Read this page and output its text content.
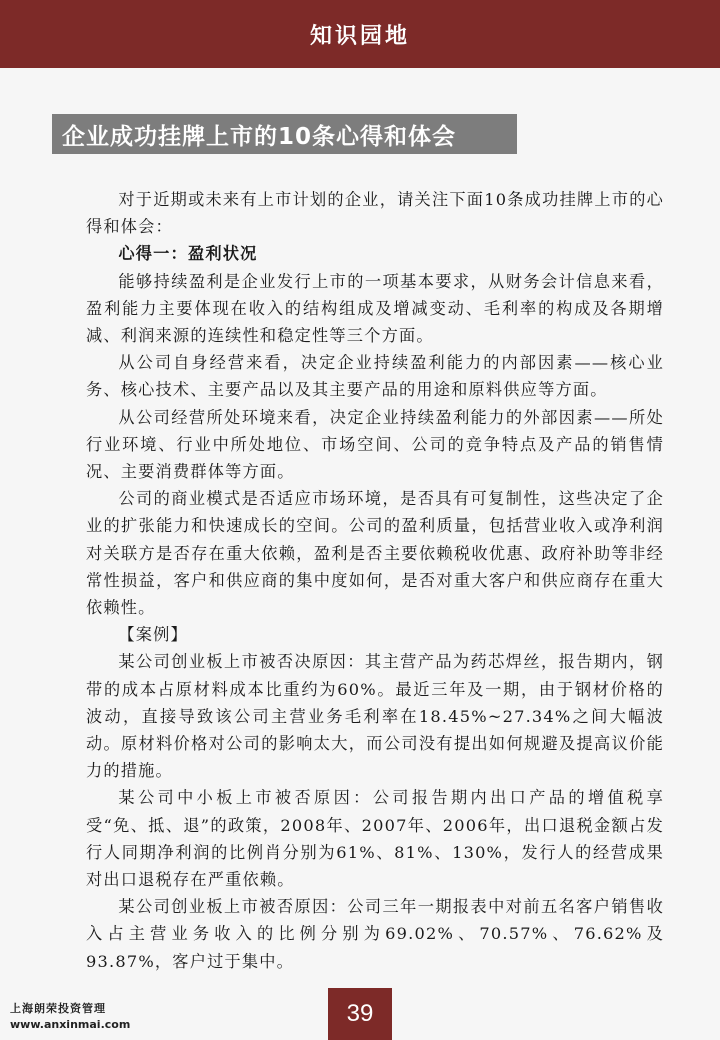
知识园地
企业成功挂牌上市的10条心得和体会

对于近期或未来有上市计划的企业，请关注下面10条成功挂牌上市的心得和体会：

心得一：盈利状况

能够持续盈利是企业发行上市的一项基本要求，从财务会计信息来看，盈利能力主要体现在收入的结构组成及增减变动、毛利率的构成及各期增减、利润来源的连续性和稳定性等三个方面。

从公司自身经营来看，决定企业持续盈利能力的内部因素——核心业务、核心技术、主要产品以及其主要产品的用途和原料供应等方面。

从公司经营所处环境来看，决定企业持续盈利能力的外部因素——所处行业环境、行业中所处地位、市场空间、公司的竞争特点及产品的销售情况、主要消费群体等方面。

公司的商业模式是否适应市场环境，是否具有可复制性，这些决定了企业的扩张能力和快速成长的空间。公司的盈利质量，包括营业收入或净利润对关联方是否存在重大依赖，盈利是否主要依赖税收优惠、政府补助等非经常性损益，客户和供应商的集中度如何，是否对重大客户和供应商存在重大依赖性。

【案例】

某公司创业板上市被否决原因：其主营产品为药芯焊丝，报告期内，钢带的成本占原材料成本比重约为60%。最近三年及一期，由于钢材价格的波动，直接导致该公司主营业务毛利率在18.45%~27.34%之间大幅波动。原材料价格对公司的影响太大，而公司没有提出如何规避及提高议价能力的措施。

某公司中小板上市被否原因：公司报告期内出口产品的增值税享受“免、抵、退”的政策，2008年、2007年、2006年，出口退税金额占发行人同期净利润的比例肖分别为61%、81%、130%，发行人的经营成果对出口退税存在严重依赖。

某公司创业板上市被否原因：公司三年一期报表中对前五名客户销售收入占主营业务收入的比例分别为69.02%、70.57%、76.62%及93.87%，客户过于集中。

上海朗荣投资管理
www.anxinmai.com	39
